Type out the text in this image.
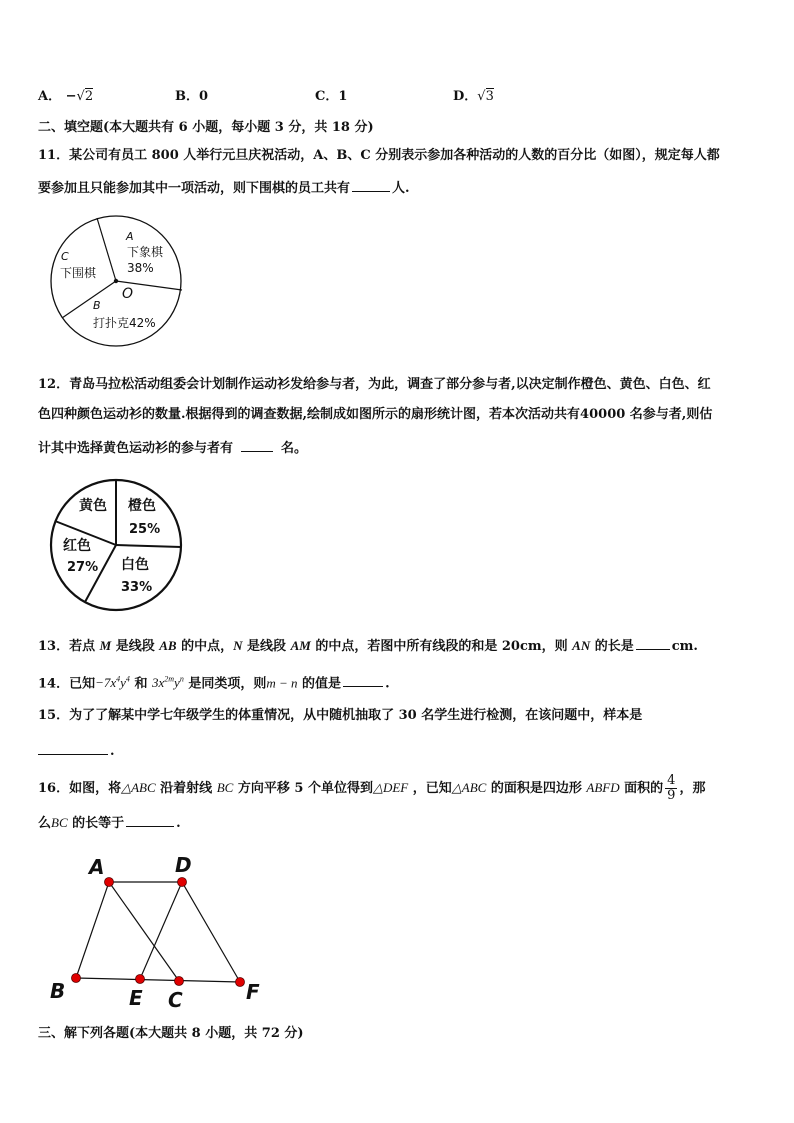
A． −√2	B．0	C．1	D．√3
二、填空题(本大题共有 6 小题，每小题 3 分，共 18 分)
11．某公司有员工 800 人举行元旦庆祝活动，A、B、C 分别表示参加各种活动的人数的百分比（如图），规定每人都
要参加且只能参加其中一项活动，则下围棋的员工共有	人.
A
下象棋
38%
C
下围棋
O
B
打扑克42%
12．青岛马拉松活动组委会计划制作运动衫发给参与者，为此，调查了部分参与者,以决定制作橙色、黄色、白色、红
色四种颜色运动衫的数量.根据得到的调查数据,绘制成如图所示的扇形统计图，若本次活动共有40000 名参与者,则估
计其中选择黄色运动衫的参与者有	名。
黄色 橙色
25%
红色
27% 白色
33%
13．若点 M 是线段 AB 的中点，N 是线段 AM 的中点，若图中所有线段的和是 20cm，则 AN 的长是	cm.
14．已知$-7x^4y^4$ 和 $3x^{2m}y^n$ 是同类项，则m − n 的值是	.
15．为了了解某中学七年级学生的体重情况，从中随机抽取了 30 名学生进行检测，在该问题中，样本是
.
16．如图，将△ABC 沿着射线 BC 方向平移 5 个单位得到△DEF ，已知△ABC 的面积是四边形 ABFD 面积的 $\frac{4}{9}$ ，那
么BC 的长等于	.
A	D
B	E C	F
三、解下列各题(本大题共 8 小题，共 72 分)
